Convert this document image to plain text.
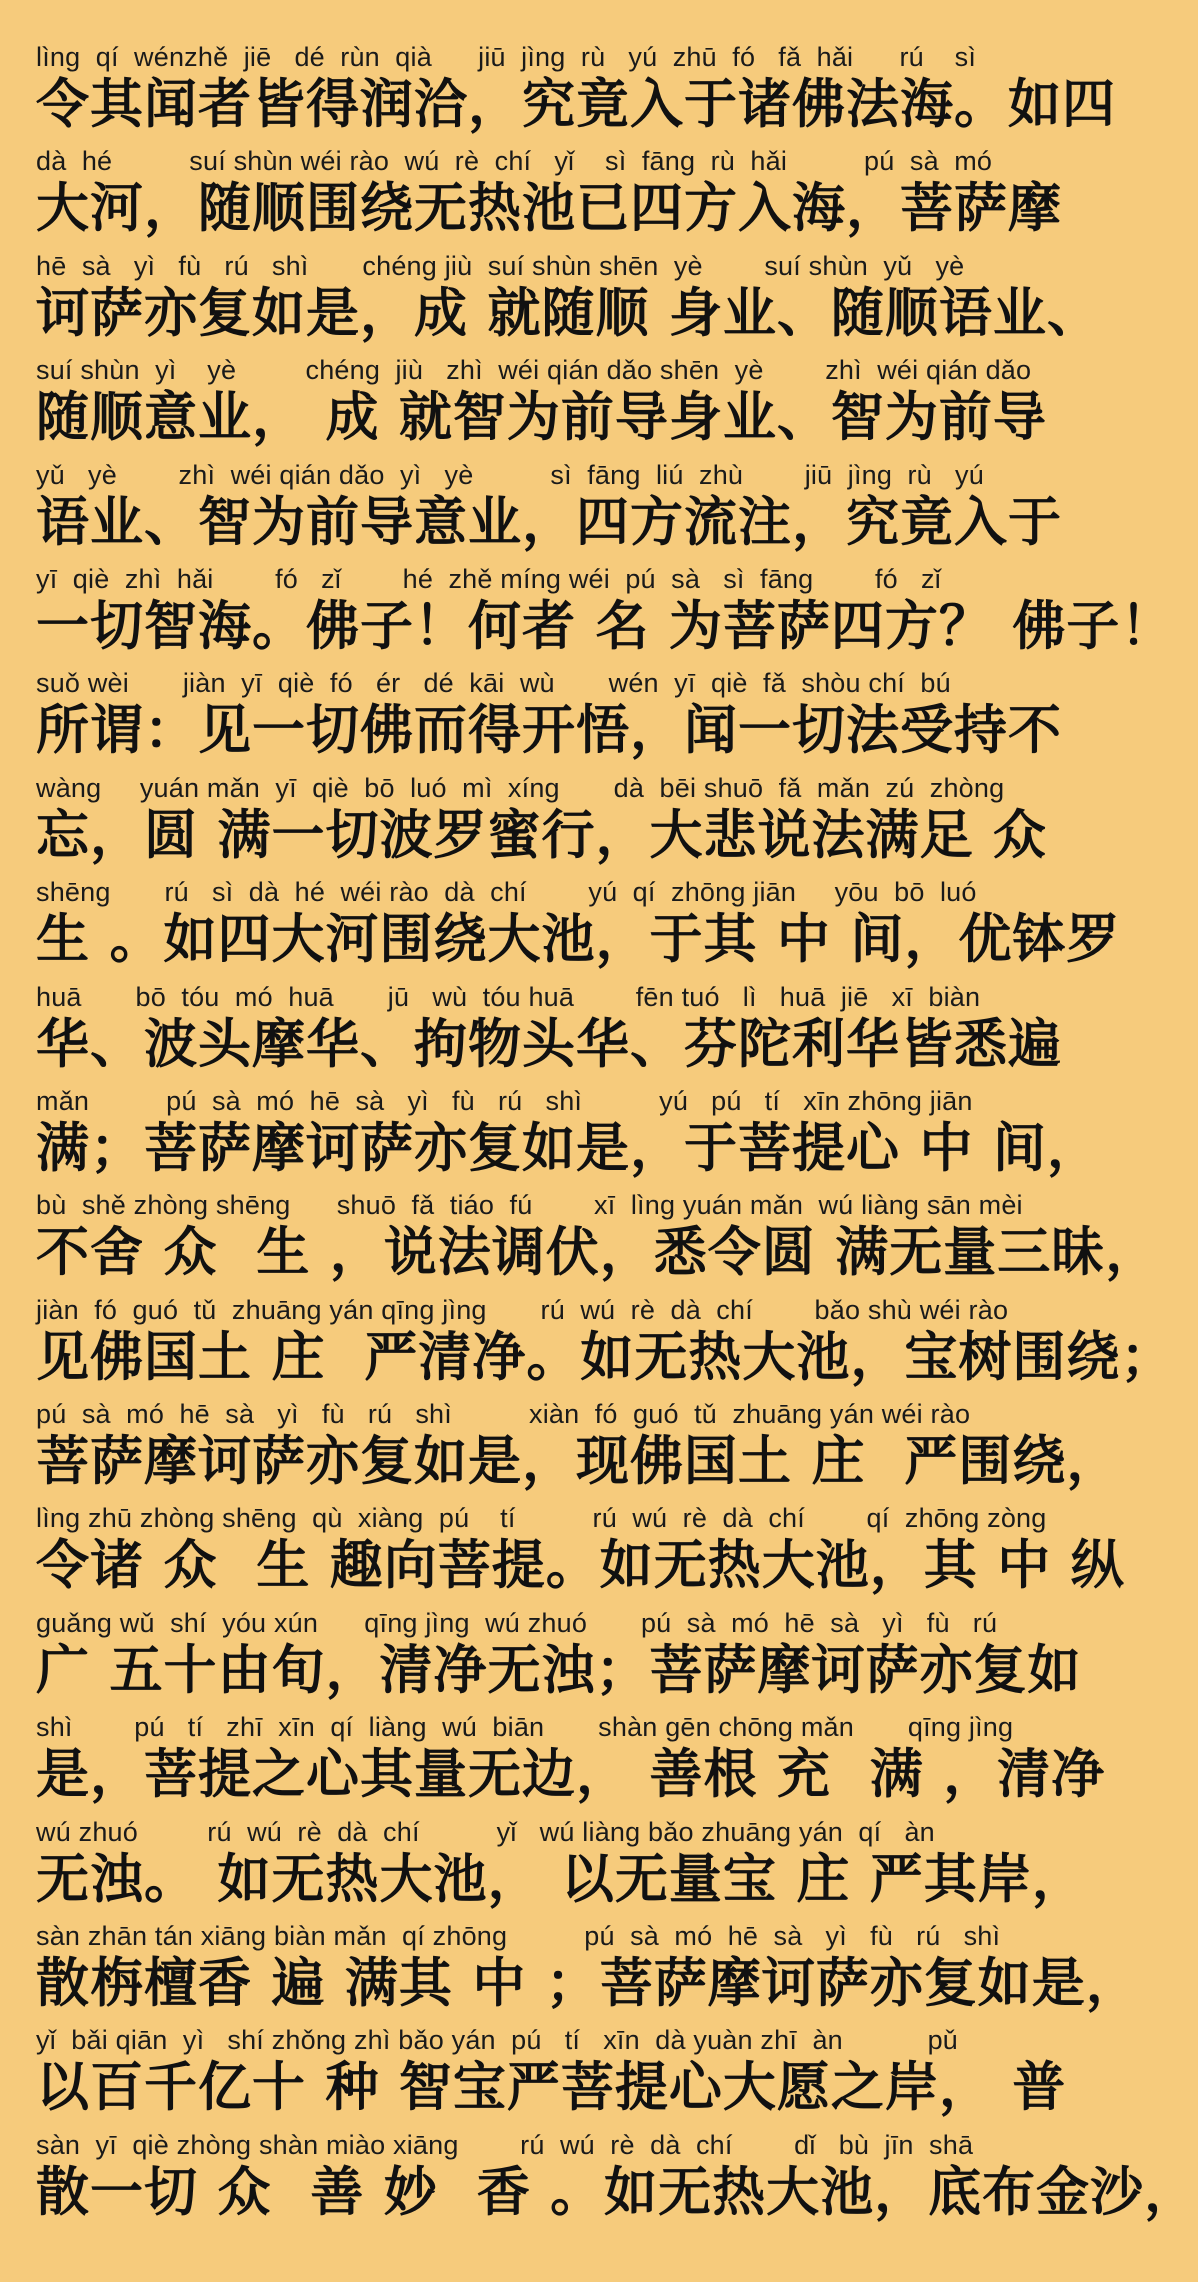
lìng  qí  wénzhě  jiē   dé  rùn  qià      jiū  jìng  rù   yú  zhū  fó   fǎ  hǎi      rú    sì
令其闻者皆得润洽，究竟入于诸佛法海。如四
dà  hé          suí shùn wéi rào  wú  rè  chí   yǐ    sì  fāng  rù  hǎi          pú  sà  mó
大河，随顺围绕无热池已四方入海，菩萨摩
hē  sà   yì   fù   rú   shì       chéng jiù  suí shùn shēn  yè        suí shùn  yǔ   yè
诃萨亦复如是，成 就随顺 身业、随顺语业、
suí shùn  yì    yè         chéng  jiù   zhì  wéi qián dǎo shēn  yè        zhì  wéi qián dǎo
随顺意业， 成 就智为前导身业、智为前导
yǔ   yè        zhì  wéi qián dǎo  yì   yè          sì  fāng  liú  zhù        jiū  jìng  rù   yú
语业、智为前导意业，四方流注，究竟入于
yī  qiè  zhì  hǎi        fó   zǐ        hé  zhě míng wéi  pú  sà   sì  fāng        fó   zǐ
一切智海。佛子！何者 名 为菩萨四方？ 佛子！
suǒ wèi       jiàn  yī  qiè  fó   ér   dé  kāi  wù       wén  yī  qiè  fǎ  shòu chí  bú
所谓：见一切佛而得开悟，闻一切法受持不
wàng     yuán mǎn  yī  qiè  bō  luó  mì  xíng       dà  bēi shuō  fǎ  mǎn  zú  zhòng
忘，圆 满一切波罗蜜行，大悲说法满足 众
shēng       rú   sì  dà  hé  wéi rào  dà  chí        yú  qí  zhōng jiān     yōu  bō  luó
生 。如四大河围绕大池，于其 中 间，优钵罗
huā       bō  tóu  mó  huā       jū   wù  tóu huā        fēn tuó   lì   huā  jiē   xī  biàn
华、波头摩华、拘物头华、芬陀利华皆悉遍
mǎn          pú  sà  mó  hē  sà   yì   fù   rú   shì          yú   pú   tí   xīn zhōng jiān
满；菩萨摩诃萨亦复如是，于菩提心 中 间，
bù  shě zhòng shēng      shuō  fǎ  tiáo  fú        xī  lìng yuán mǎn  wú liàng sān mèi
不舍 众  生 ，说法调伏，悉令圆 满无量三昧，
jiàn  fó  guó  tǔ  zhuāng yán qīng jìng       rú  wú  rè  dà  chí        bǎo shù wéi rào
见佛国土 庄  严清净。如无热大池，宝树围绕；
pú  sà  mó  hē  sà   yì   fù   rú   shì          xiàn  fó  guó  tǔ  zhuāng yán wéi rào
菩萨摩诃萨亦复如是，现佛国土 庄  严围绕，
lìng zhū zhòng shēng  qù  xiàng  pú    tí          rú  wú  rè  dà  chí        qí  zhōng zòng
令诸 众  生 趣向菩提。如无热大池，其 中 纵
guǎng wǔ  shí  yóu xún      qīng jìng  wú zhuó       pú  sà  mó  hē  sà   yì   fù   rú
广 五十由旬，清净无浊；菩萨摩诃萨亦复如
shì        pú   tí   zhī  xīn  qí  liàng  wú  biān       shàn gēn chōng mǎn       qīng jìng
是，菩提之心其量无边， 善根 充  满 ，清净
wú zhuó         rú  wú  rè  dà  chí          yǐ   wú liàng bǎo zhuāng yán  qí   àn
无浊。 如无热大池， 以无量宝 庄 严其岸，
sàn zhān tán xiāng biàn mǎn  qí zhōng          pú  sà  mó  hē  sà   yì   fù   rú   shì
散栴檀香 遍 满其 中 ；菩萨摩诃萨亦复如是，
yǐ  bǎi qiān  yì   shí zhǒng zhì bǎo yán  pú   tí   xīn  dà yuàn zhī  àn           pǔ
以百千亿十 种 智宝严菩提心大愿之岸， 普
sàn  yī  qiè zhòng shàn miào xiāng        rú  wú  rè  dà  chí        dǐ   bù  jīn  shā
散一切 众  善 妙  香 。如无热大池，底布金沙，
